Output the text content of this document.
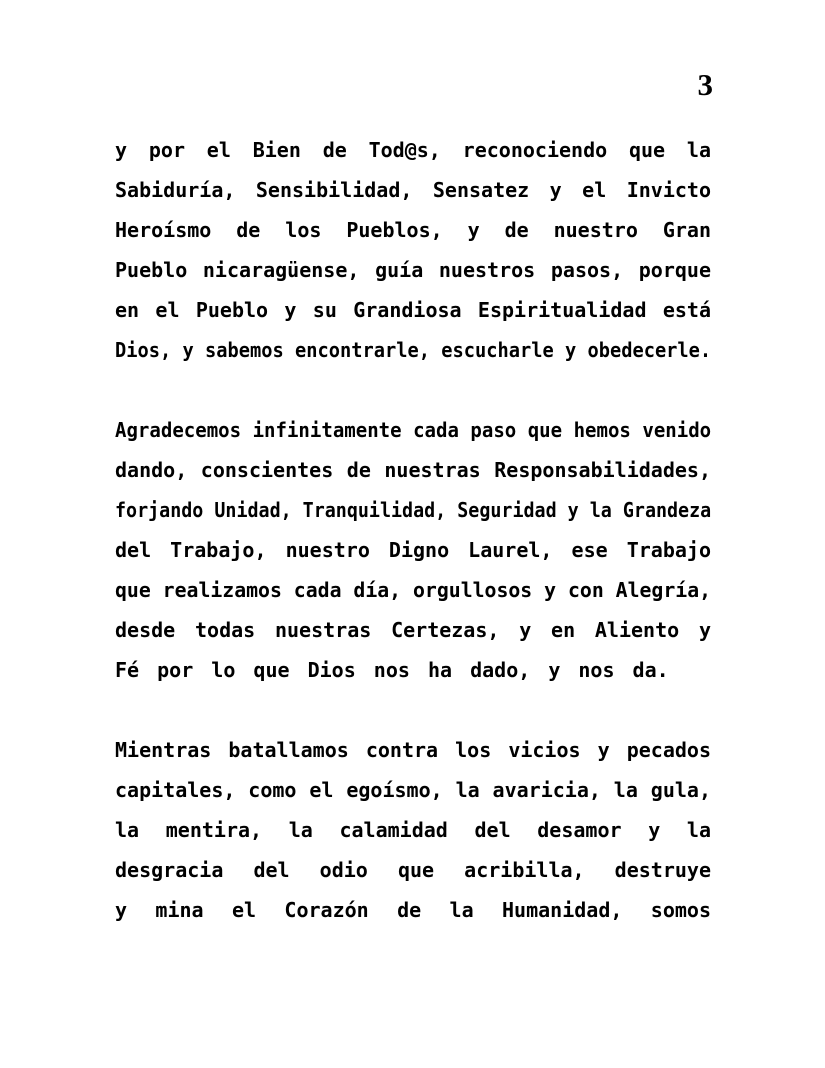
3
y por el Bien de Tod@s, reconociendo que la
Sabiduría, Sensibilidad, Sensatez y el Invicto
Heroísmo de los Pueblos, y de nuestro Gran
Pueblo nicaragüense, guía nuestros pasos, porque
en el Pueblo y su Grandiosa Espiritualidad está
Dios, y sabemos encontrarle, escucharle y obedecerle.
Agradecemos infinitamente cada paso que hemos venido
dando, conscientes de nuestras Responsabilidades,
forjando Unidad, Tranquilidad, Seguridad y la Grandeza
del Trabajo, nuestro Digno Laurel, ese Trabajo
que realizamos cada día, orgullosos y con Alegría,
desde todas nuestras Certezas, y en Aliento y
Fé por lo que Dios nos ha dado, y nos da.
Mientras batallamos contra los vicios y pecados
capitales, como el egoísmo, la avaricia, la gula,
la mentira, la calamidad del desamor y la
desgracia del odio que acribilla, destruye
y mina el Corazón de la Humanidad, somos
